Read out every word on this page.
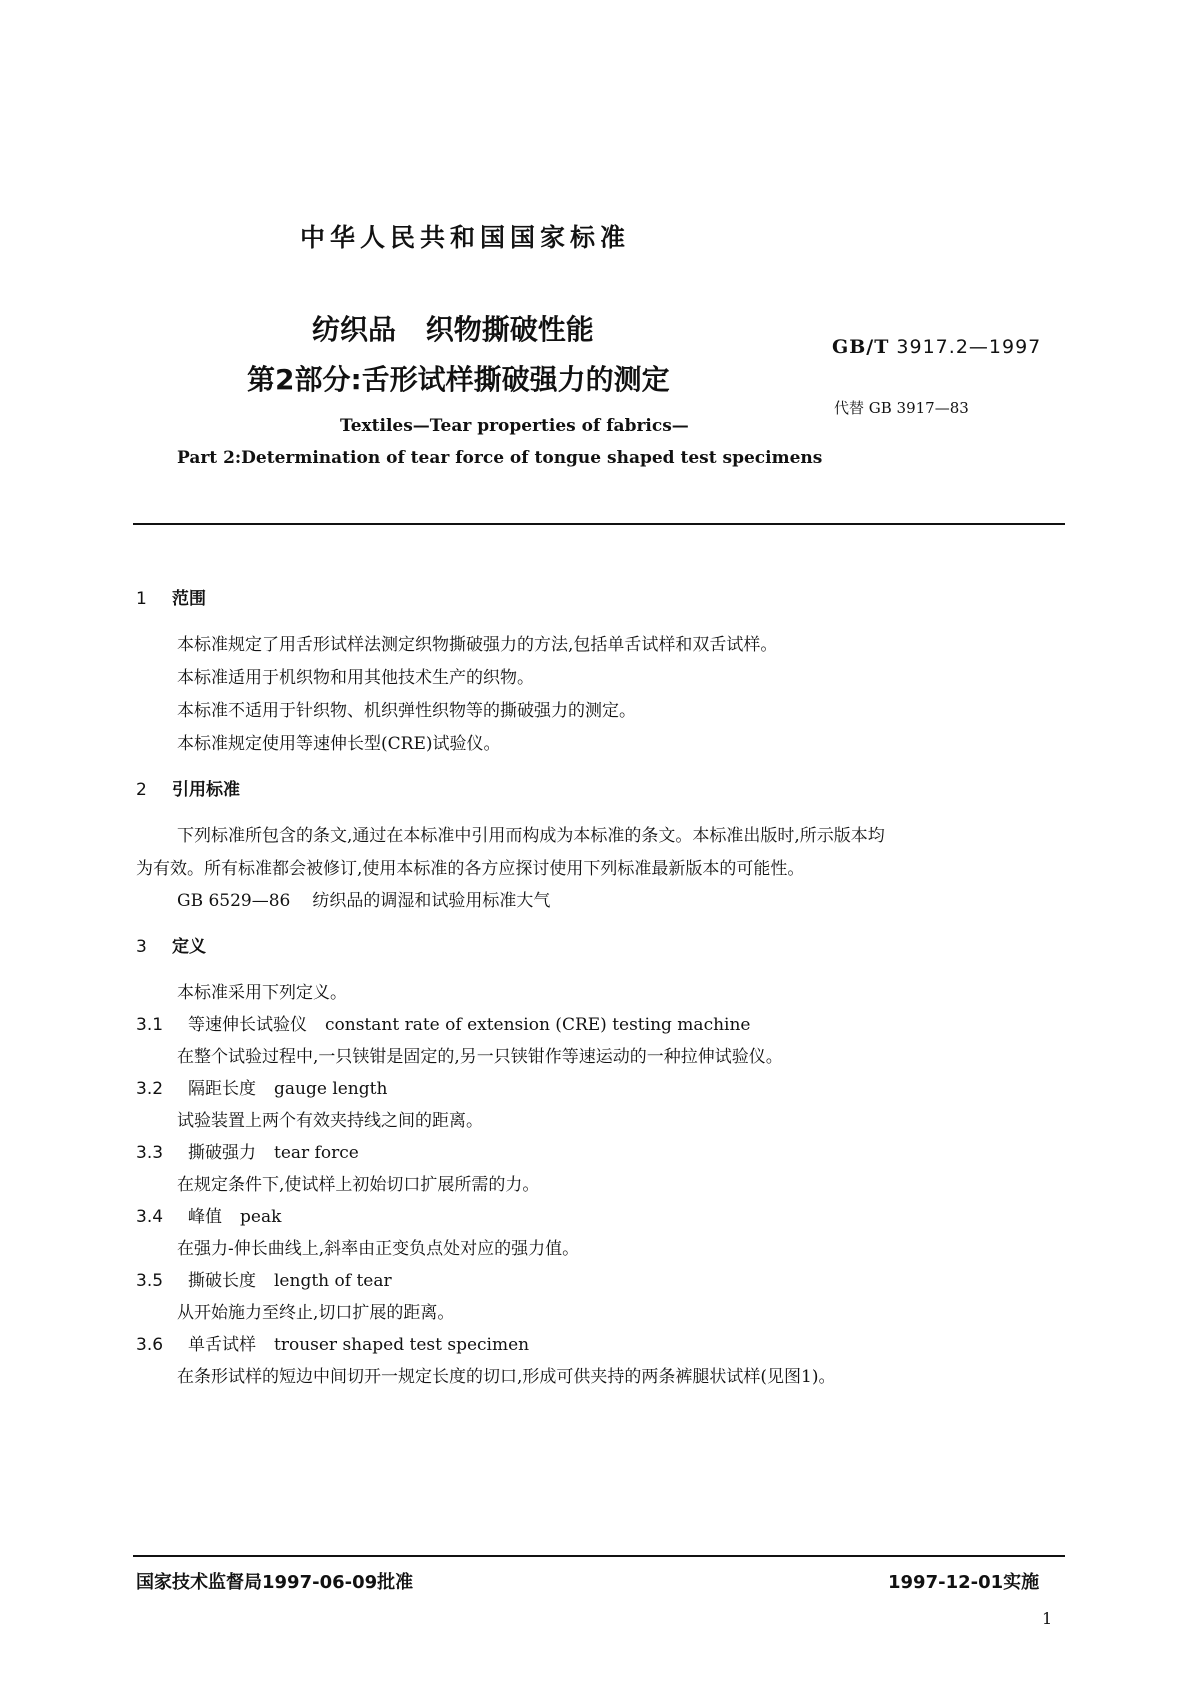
中华人民共和国国家标准
纺织品 织物撕破性能
第2部分:舌形试样撕破强力的测定
GB/T 3917.2—1997
代替 GB 3917—83
Textiles—Tear properties of fabrics—
Part 2:Determination of tear force of tongue shaped test specimens
1 范围
本标准规定了用舌形试样法测定织物撕破强力的方法,包括单舌试样和双舌试样。
本标准适用于机织物和用其他技术生产的织物。
本标准不适用于针织物、机织弹性织物等的撕破强力的测定。
本标准规定使用等速伸长型(CRE)试验仪。
2 引用标准
下列标准所包含的条文,通过在本标准中引用而构成为本标准的条文。本标准出版时,所示版本均
为有效。所有标准都会被修订,使用本标准的各方应探讨使用下列标准最新版本的可能性。
GB 6529—86 纺织品的调湿和试验用标准大气
3 定义
本标准采用下列定义。
3.1 等速伸长试验仪 constant rate of extension (CRE) testing machine
在整个试验过程中,一只铗钳是固定的,另一只铗钳作等速运动的一种拉伸试验仪。
3.2 隔距长度 gauge length
试验装置上两个有效夹持线之间的距离。
3.3 撕破强力 tear force
在规定条件下,使试样上初始切口扩展所需的力。
3.4 峰值 peak
在强力-伸长曲线上,斜率由正变负点处对应的强力值。
3.5 撕破长度 length of tear
从开始施力至终止,切口扩展的距离。
3.6 单舌试样 trouser shaped test specimen
在条形试样的短边中间切开一规定长度的切口,形成可供夹持的两条裤腿状试样(见图1)。
国家技术监督局1997-06-09批准	1997-12-01实施
1
